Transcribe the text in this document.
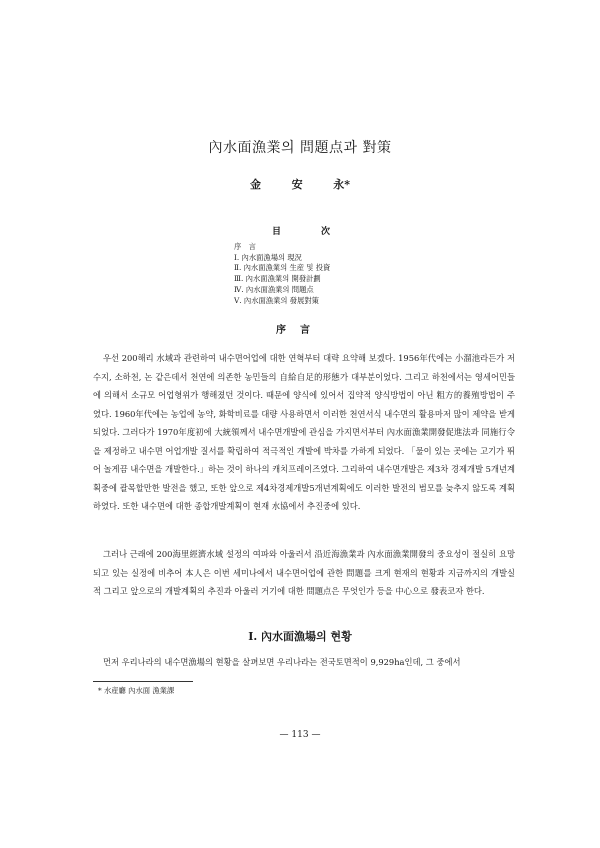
內水面漁業의 問題点과 對策
金	安	永*
目	次
序　言
Ⅰ. 內水面漁場의 現況
Ⅱ. 內水面漁業의 生産 및 投資
Ⅲ. 內水面漁業의 開發計劃
Ⅳ. 內水面漁業의 問題点
Ⅴ. 內水面漁業의 發展對策
序言

우선 200해리 水域과 관련하여 내수면어업에 대한 연혁부터 대략 요약해 보겠다. 1956年代에는 小溜池라든가 저수지, 소하천, 논 같은데서 천연에 의존한 농민들의 自給自足的形態가 대부분이었다. 그리고 하천에서는 영세어민들에 의해서 소규모 어업형위가 행해졌던 것이다. 때문에 양식에 있어서 집약적 양식방법이 아닌 粗方的養殖방법이 주였다. 1960年代에는 농업에 농약, 화학비료를 대량 사용하면서 이러한 천연서식 내수면의 활용마저 많이 제약을 받게 되었다. 그러다가 1970年度初에 大統領께서 내수면개발에 관심을 가지면서부터 內水面漁業開發促進法과 同施行令을 제정하고 내수면 어업개발 질서를 확립하여 적극적인 개발에 박차를 가하게 되었다. 「물이 있는 곳에는 고기가 뛰어 놀게끔 내수면을 개발한다.」하는 것이 하나의 캐치프레이즈였다. 그리하여 내수면개발은 제3차 경제개발 5개년계획중에 괄목할만한 발전을 했고, 또한 앞으로 제4차경제개발5개년계획에도 이러한 발전의 범모를 늦추지 않도록 계획하였다. 또한 내수면에 대한 종합개발계획이 현재 水協에서 추진중에 있다.

그러나 근래에 200海里經濟水域 설정의 여파와 아울러서 沿近海漁業과 內水面漁業開發의 중요성이 절실히 요망되고 있는 실정에 비추어 本人은 이번 세미나에서 내수면어업에 관한 問題를 크게 현재의 현황과 지금까지의 개발실적 그리고 앞으로의 개발계획의 추진과 아울러 거기에 대한 問題点은 무엇인가 등을 中心으로 發表코자 한다.

Ⅰ. 內水面漁場의 현황

먼저 우리나라의 내수면漁場의 현황을 살펴보면 우리나라는 전국토면적이 9,929ha인데, 그 중에서

* 水産廳 內水面 漁業課
— 113 —
